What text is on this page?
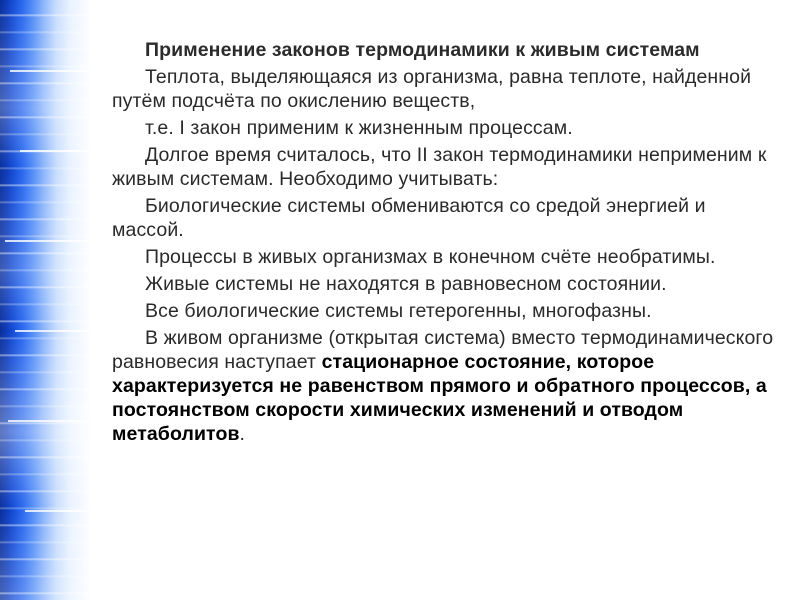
Применение законов термодинамики к живым системам

Теплота, выделяющаяся из организма, равна теплоте, найденной путём подсчёта по окислению веществ,

т.е. I закон применим к жизненным процессам.

Долгое время считалось, что II закон термодинамики неприменим к живым системам. Необходимо учитывать:

Биологические системы обмениваются со средой энергией и массой.

Процессы в живых организмах в конечном счёте необратимы.

Живые системы не находятся в равновесном состоянии.

Все биологические системы гетерогенны, многофазны.

В живом организме (открытая система) вместо термодинамического равновесия наступает стационарное состояние, которое характеризуется не равенством прямого и обратного процессов, а постоянством скорости химических изменений и отводом метаболитов.
